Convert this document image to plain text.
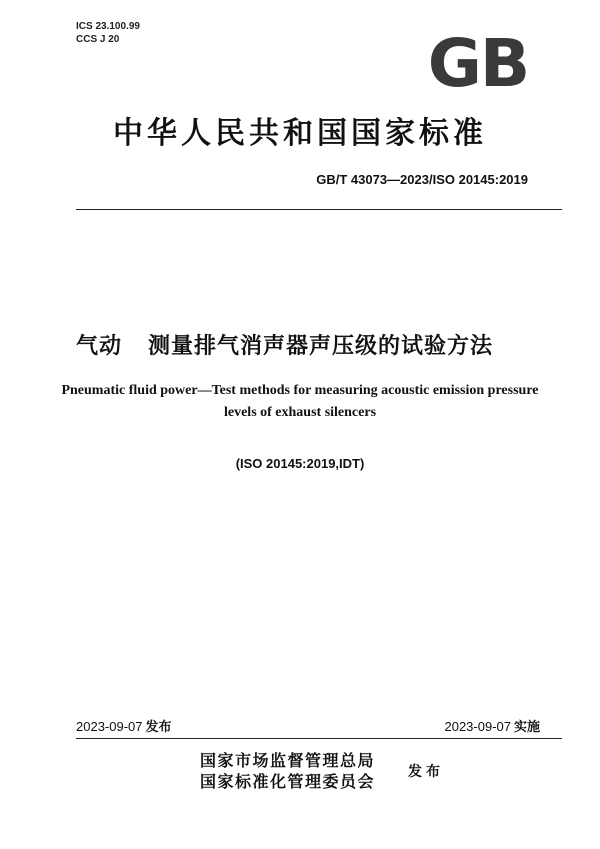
ICS 23.100.99
CCS J 20	GB
中华人民共和国国家标准
GB/T 43073—2023/ISO 20145:2019
气动 测量排气消声器声压级的试验方法
Pneumatic fluid power—Test methods for measuring acoustic emission pressure
levels of exhaust silencers
(ISO 20145:2019,IDT)
2023-09-07 发布	2023-09-07 实施
国家市场监督管理总局
国家标准化管理委员会 发布
